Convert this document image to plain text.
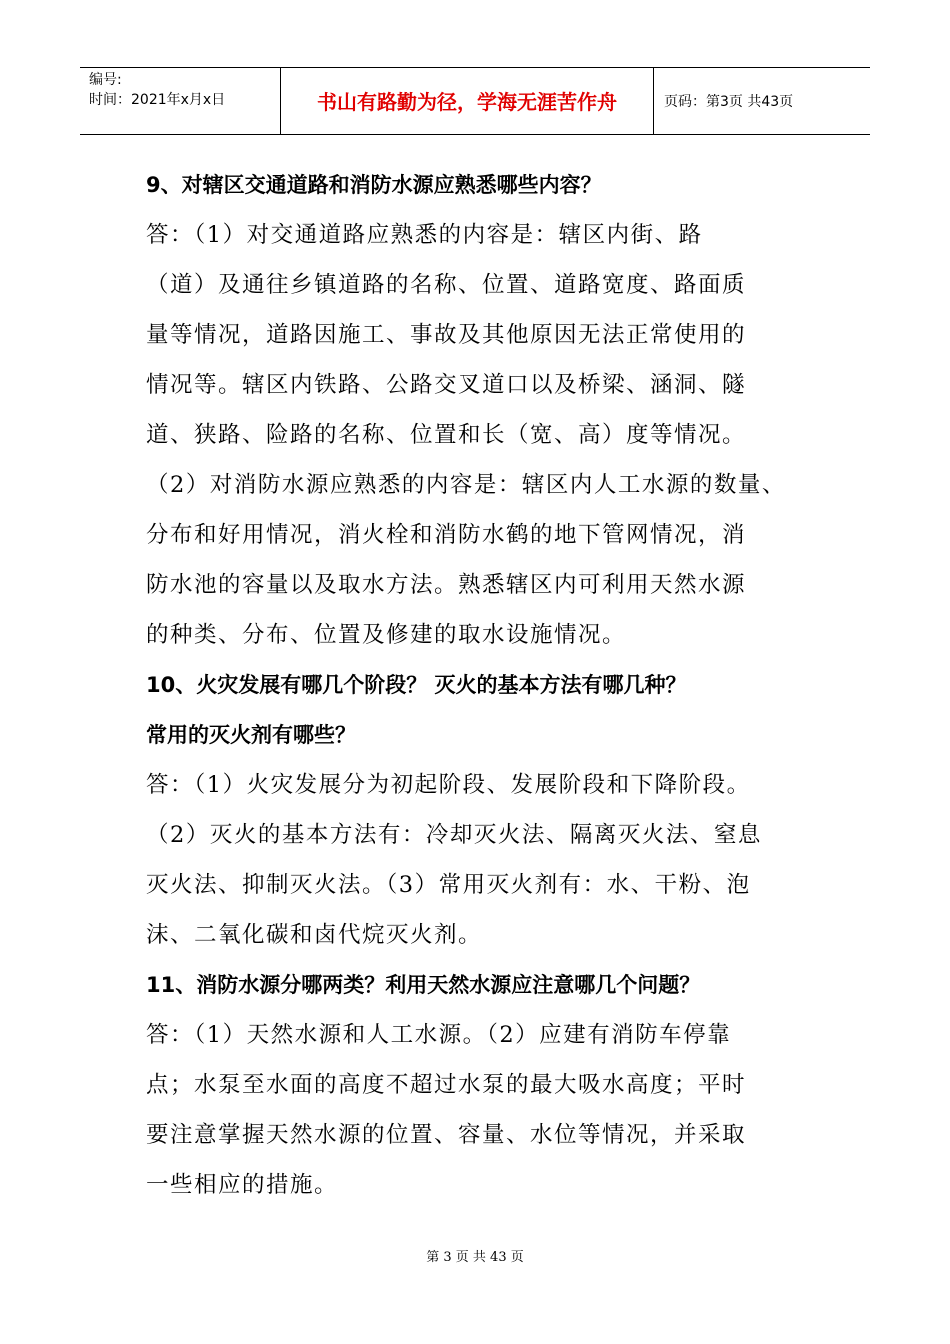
编号:
时间：2021年x月x日	书山有路勤为径，学海无涯苦作舟	页码：第3页 共43页

9、对辖区交通道路和消防水源应熟悉哪些内容？

答：（1）对交通道路应熟悉的内容是：辖区内街、路

（道）及通往乡镇道路的名称、位置、道路宽度、路面质

量等情况，道路因施工、事故及其他原因无法正常使用的

情况等。辖区内铁路、公路交叉道口以及桥梁、涵洞、隧

道、狭路、险路的名称、位置和长（宽、高）度等情况。

（2）对消防水源应熟悉的内容是：辖区内人工水源的数量、

分布和好用情况，消火栓和消防水鹤的地下管网情况，消

防水池的容量以及取水方法。熟悉辖区内可利用天然水源

的种类、分布、位置及修建的取水设施情况。

10、火灾发展有哪几个阶段？ 灭火的基本方法有哪几种？

常用的灭火剂有哪些？

答：（1）火灾发展分为初起阶段、发展阶段和下降阶段。

（2）灭火的基本方法有：冷却灭火法、隔离灭火法、窒息

灭火法、抑制灭火法。（3）常用灭火剂有：水、干粉、泡

沫、二氧化碳和卤代烷灭火剂。

11、消防水源分哪两类？利用天然水源应注意哪几个问题？

答：（1）天然水源和人工水源。（2）应建有消防车停靠

点；水泵至水面的高度不超过水泵的最大吸水高度；平时

要注意掌握天然水源的位置、容量、水位等情况，并采取

一些相应的措施。

第 3 页 共 43 页
